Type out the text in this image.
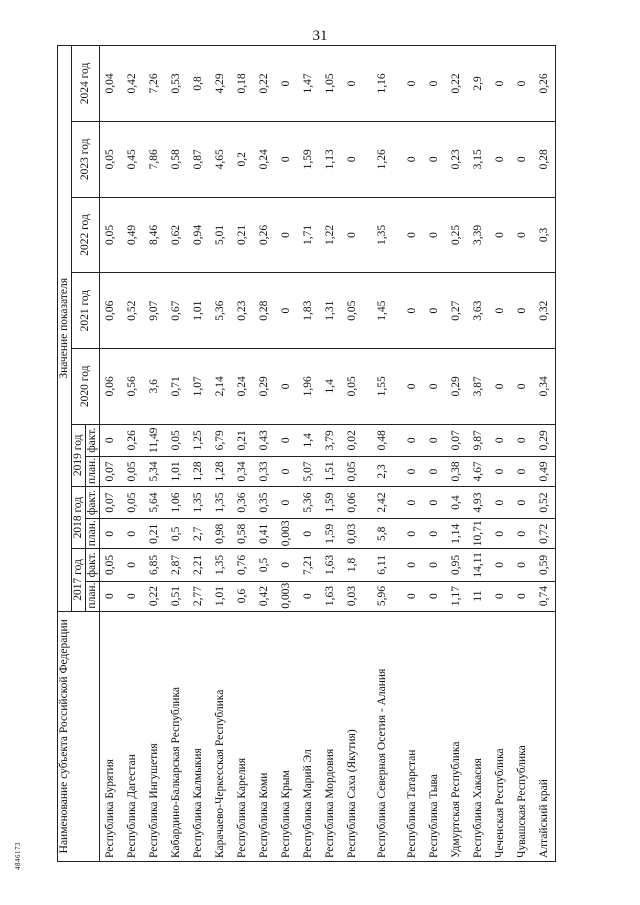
31
Наименование субъекта Российской Федерации	Значение показателя										
	2017 год		2018 год		2019 год		2020 год	2021 год	2022 год	2023 год	2024 год
	план.	факт.	план.	факт.	план.	факт.					
Республика Бурятия	0	0,05	0	0,07	0,07	0	0,06	0,06	0,05	0,05	0,04
Республика Дагестан	0	0	0	0,05	0,05	0,26	0,56	0,52	0,49	0,45	0,42
Республика Ингушетия	0,22	6,85	0,21	5,64	5,34	11,49	3,6	9,07	8,46	7,86	7,26
Кабардино-Балкарская Республика	0,51	2,87	0,5	1,06	1,01	0,05	0,71	0,67	0,62	0,58	0,53
Республика Калмыкия	2,77	2,21	2,7	1,35	1,28	1,25	1,07	1,01	0,94	0,87	0,8
Карачаево-Черкесская Республика	1,01	1,35	0,98	1,35	1,28	6,79	2,14	5,36	5,01	4,65	4,29
Республика Карелия	0,6	0,76	0,58	0,36	0,34	0,21	0,24	0,23	0,21	0,2	0,18
Республика Коми	0,42	0,5	0,41	0,35	0,33	0,43	0,29	0,28	0,26	0,24	0,22
Республика Крым	0,003	0	0,003	0	0	0	0	0	0	0	0
Республика Марий Эл	0	7,21	0	5,36	5,07	1,4	1,96	1,83	1,71	1,59	1,47
Республика Мордовия	1,63	1,63	1,59	1,59	1,51	3,79	1,4	1,31	1,22	1,13	1,05
Республика Саха (Якутия)	0,03	1,8	0,03	0,06	0,05	0,02	0,05	0,05	0	0	0
Республика Северная Осетия - Алания	5,96	6,11	5,8	2,42	2,3	0,48	1,55	1,45	1,35	1,26	1,16
Республика Татарстан	0	0	0	0	0	0	0	0	0	0	0
Республика Тыва	0	0	0	0	0	0	0	0	0	0	0
Удмуртская Республика	1,17	0,95	1,14	0,4	0,38	0,07	0,29	0,27	0,25	0,23	0,22
Республика Хакасия	11	14,11	10,71	4,93	4,67	9,87	3,87	3,63	3,39	3,15	2,9
Чеченская Республика	0	0	0	0	0	0	0	0	0	0	0
Чувашская Республика	0	0	0	0	0	0	0	0	0	0	0
Алтайский край	0,74	0,59	0,72	0,52	0,49	0,29	0,34	0,32	0,3	0,28	0,26
4846173
